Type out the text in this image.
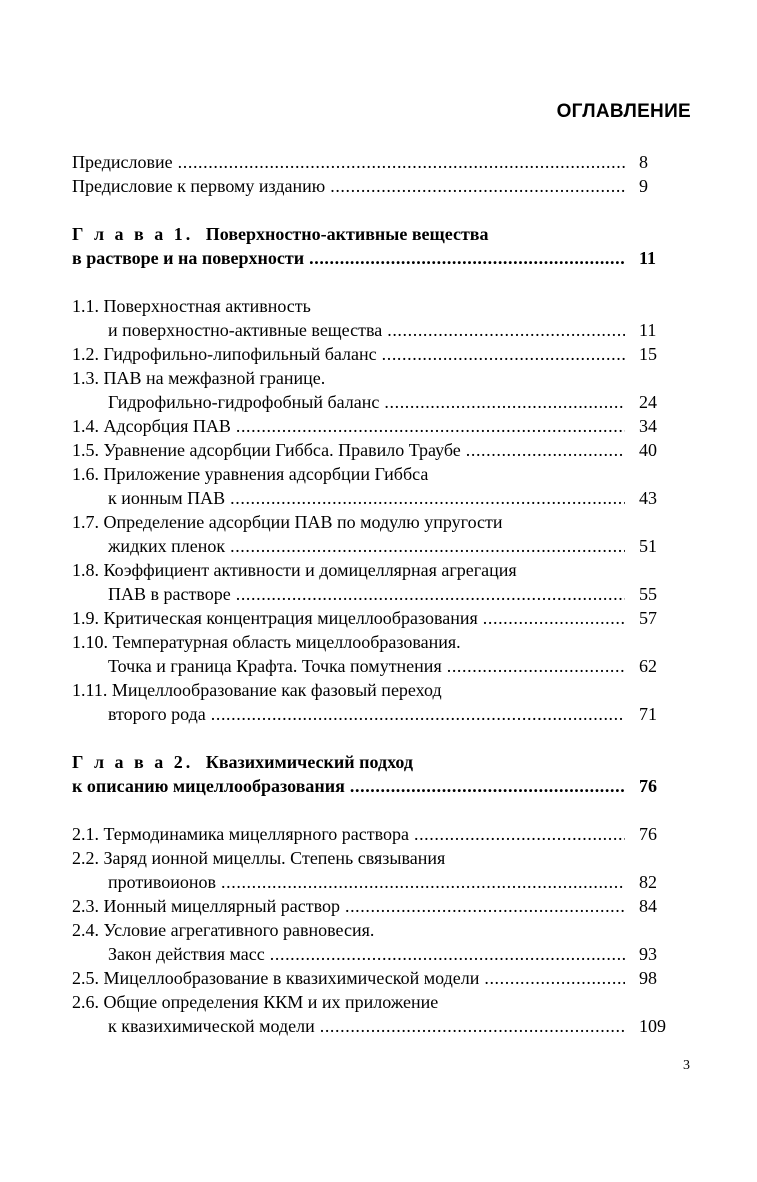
ОГЛАВЛЕНИЕ
Предисловие .....	8
Предисловие к первому изданию .....	9
Г л а в а 1. Поверхностно-активные вещества
в растворе и на поверхности .....	11
1.1. Поверхностная активность
и поверхностно-активные вещества .....	11
1.2. Гидрофильно-липофильный баланс .....	15
1.3. ПАВ на межфазной границе.
Гидрофильно-гидрофобный баланс .....	24
1.4. Адсорбция ПАВ .....	34
1.5. Уравнение адсорбции Гиббса. Правило Траубе .....	40
1.6. Приложение уравнения адсорбции Гиббса
к ионным ПАВ .....	43
1.7. Определение адсорбции ПАВ по модулю упругости
жидких пленок .....	51
1.8. Коэффициент активности и домицеллярная агрегация
ПАВ в растворе .....	55
1.9. Критическая концентрация мицеллообразования .....	57
1.10. Температурная область мицеллообразования.
Точка и граница Крафта. Точка помутнения .....	62
1.11. Мицеллообразование как фазовый переход
второго рода .....	71
Г л а в а 2. Квазихимический подход
к описанию мицеллообразования .....	76
2.1. Термодинамика мицеллярного раствора .....	76
2.2. Заряд ионной мицеллы. Степень связывания
противоионов .....	82
2.3. Ионный мицеллярный раствор .....	84
2.4. Условие агрегативного равновесия.
Закон действия масс .....	93
2.5. Мицеллообразование в квазихимической модели .....	98
2.6. Общие определения ККМ и их приложение
к квазихимической модели .....	109
3
